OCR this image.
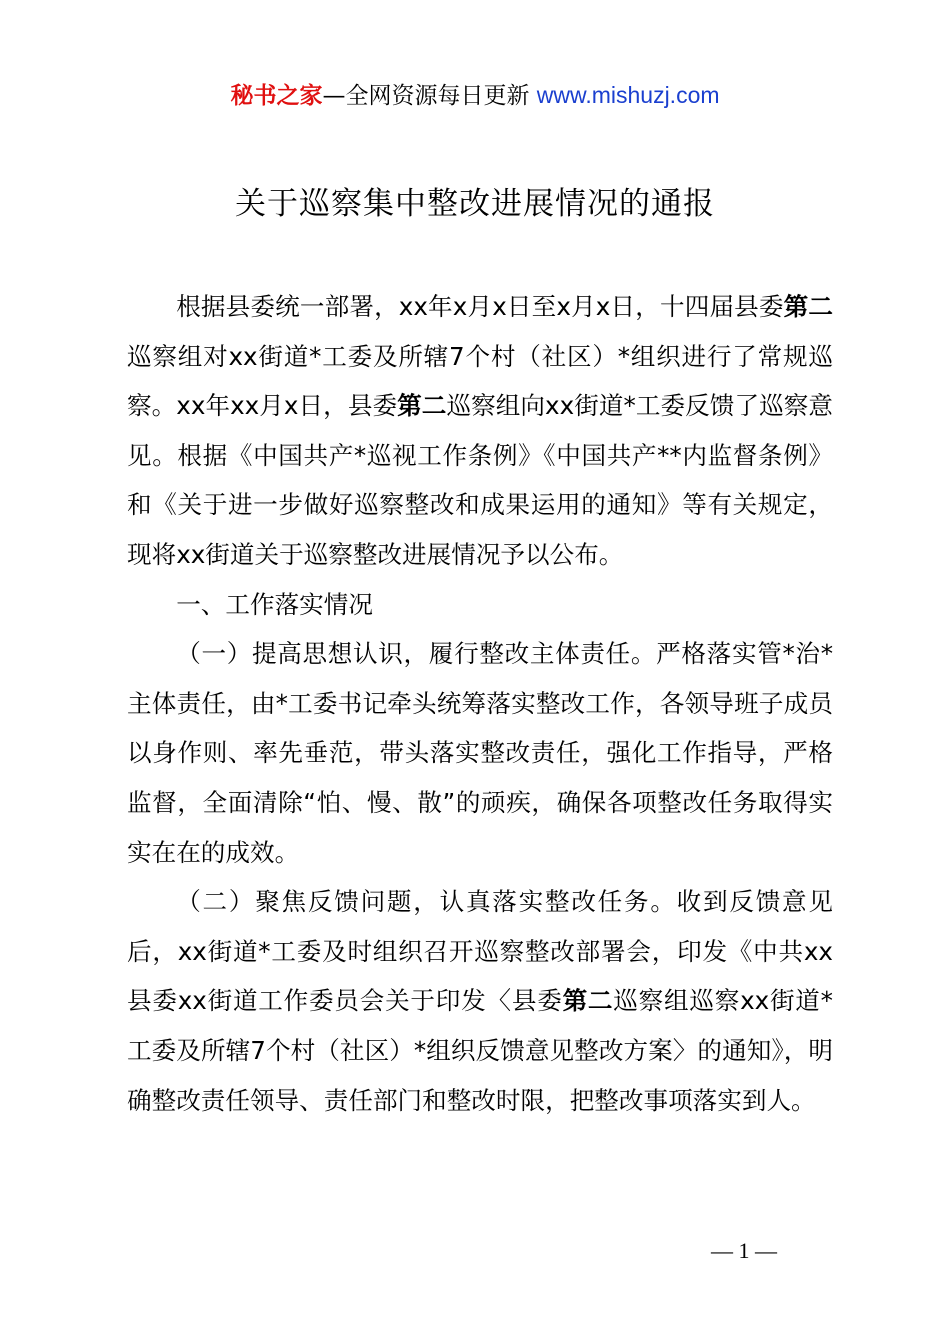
秘书之家—全网资源每日更新 www.mishuzj.com
关于巡察集中整改进展情况的通报

根据县委统一部署，xx年x月x日至x月x日，十四届县委第二巡察组对xx街道*工委及所辖7个村（社区）*组织进行了常规巡察。xx年xx月x日，县委第二巡察组向xx街道*工委反馈了巡察意见。根据《中国共产*巡视工作条例》《中国共产**内监督条例》和《关于进一步做好巡察整改和成果运用的通知》等有关规定，现将xx街道关于巡察整改进展情况予以公布。

一、工作落实情况

（一）提高思想认识，履行整改主体责任。严格落实管*治*主体责任，由*工委书记牵头统筹落实整改工作，各领导班子成员以身作则、率先垂范，带头落实整改责任，强化工作指导，严格监督，全面清除“怕、慢、散”的顽疾，确保各项整改任务取得实实在在的成效。

（二）聚焦反馈问题，认真落实整改任务。收到反馈意见后，xx街道*工委及时组织召开巡察整改部署会，印发《中共xx县委xx街道工作委员会关于印发〈县委第二巡察组巡察xx街道*工委及所辖7个村（社区）*组织反馈意见整改方案〉的通知》，明确整改责任领导、责任部门和整改时限，把整改事项落实到人。

— 1 —
